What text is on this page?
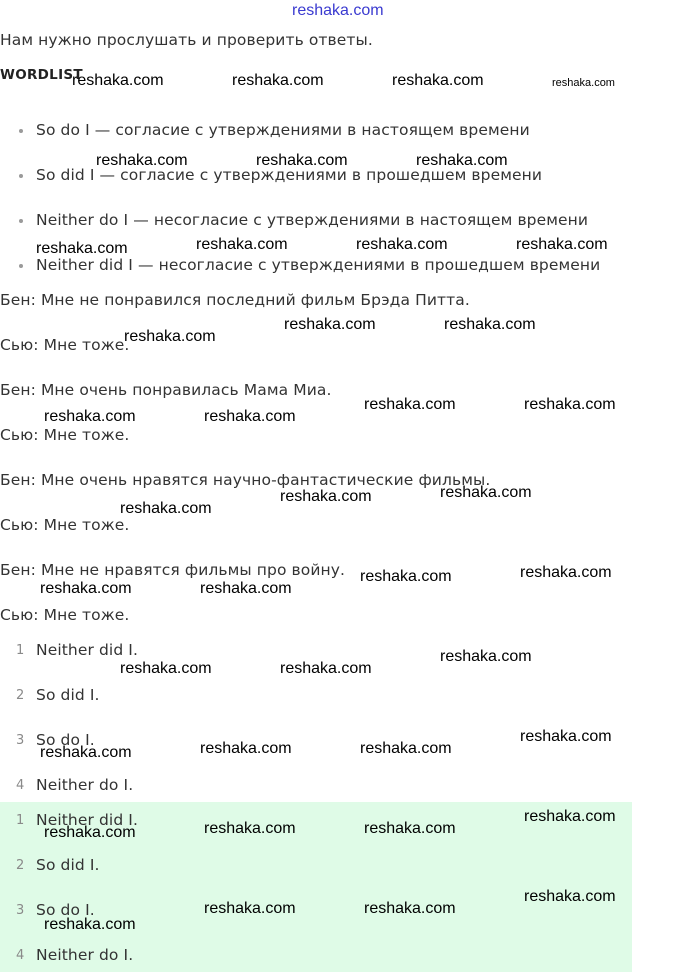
reshaka.com
Нам нужно прослушать и проверить ответы.
WORDLIST
So do I — согласие с утверждениями в настоящем времени
So did I — согласие с утверждениями в прошедшем времени
Neither do I — несогласие с утверждениями в настоящем времени
Neither did I — несогласие с утверждениями в прошедшем времени
Бен: Мне не понравился последний фильм Брэда Питта.
Сью: Мне тоже.
Бен: Мне очень понравилась Мама Миа.
Сью: Мне тоже.
Бен: Мне очень нравятся научно-фантастические фильмы.
Сью: Мне тоже.
Бен: Мне не нравятся фильмы про войну.
Сью: Мне тоже.
1 Neither did I.
2 So did I.
3 So do I.
4 Neither do I.
1 Neither did I.
2 So did I.
3 So do I.
4 Neither do I.
reshaka.com	reshaka.com	reshaka.com	reshaka.com
reshaka.com	reshaka.com	reshaka.com
reshaka.com	reshaka.com	reshaka.com	reshaka.com
reshaka.com
reshaka.com	reshaka.com
reshaka.com	reshaka.com
reshaka.com	reshaka.com
reshaka.com
reshaka.com	reshaka.com
reshaka.com	reshaka.com
reshaka.com	reshaka.com
reshaka.com	reshaka.com
reshaka.com
reshaka.com	reshaka.com	reshaka.com
reshaka.com
reshaka.com	reshaka.com	reshaka.com
reshaka.com
reshaka.com
reshaka.com	reshaka.com
reshaka.com
